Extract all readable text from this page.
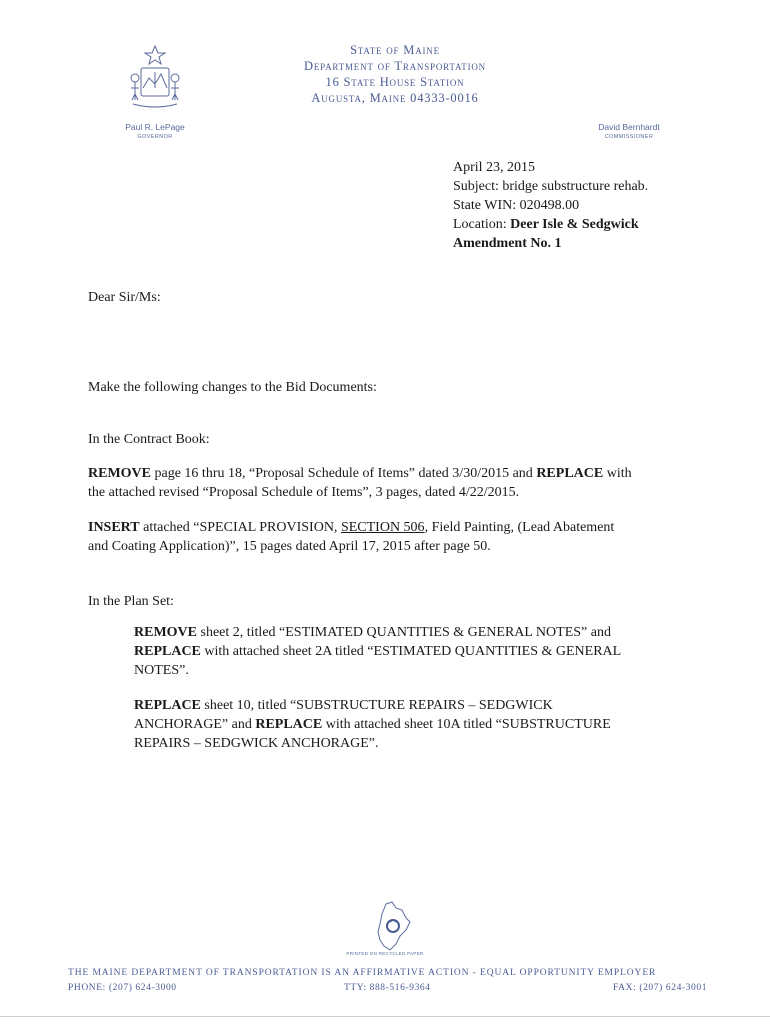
State of Maine
Department of Transportation
16 State House Station
Augusta, Maine 04333-0016
Paul R. LePage
GOVERNOR
David Bernhardt
COMMISSIONER
April 23, 2015
Subject: bridge substructure rehab.
State WIN: 020498.00
Location: Deer Isle & Sedgwick
Amendment No. 1
Dear Sir/Ms:
Make the following changes to the Bid Documents:
In the Contract Book:
REMOVE page 16 thru 18, “Proposal Schedule of Items” dated 3/30/2015 and REPLACE with
the attached revised “Proposal Schedule of Items”, 3 pages, dated 4/22/2015.
INSERT attached “SPECIAL PROVISION, SECTION 506, Field Painting, (Lead Abatement
and Coating Application)”, 15 pages dated April 17, 2015 after page 50.
In the Plan Set:
REMOVE sheet 2, titled “ESTIMATED QUANTITIES & GENERAL NOTES” and
REPLACE with attached sheet 2A titled “ESTIMATED QUANTITIES & GENERAL
NOTES”.
REPLACE sheet 10, titled “SUBSTRUCTURE REPAIRS – SEDGWICK
ANCHORAGE” and REPLACE with attached sheet 10A titled “SUBSTRUCTURE
REPAIRS – SEDGWICK ANCHORAGE”.
PRINTED ON RECYCLED PAPER
THE MAINE DEPARTMENT OF TRANSPORTATION IS AN AFFIRMATIVE ACTION - EQUAL OPPORTUNITY EMPLOYER
PHONE: (207) 624-3000	TTY: 888-516-9364	FAX: (207) 624-3001
